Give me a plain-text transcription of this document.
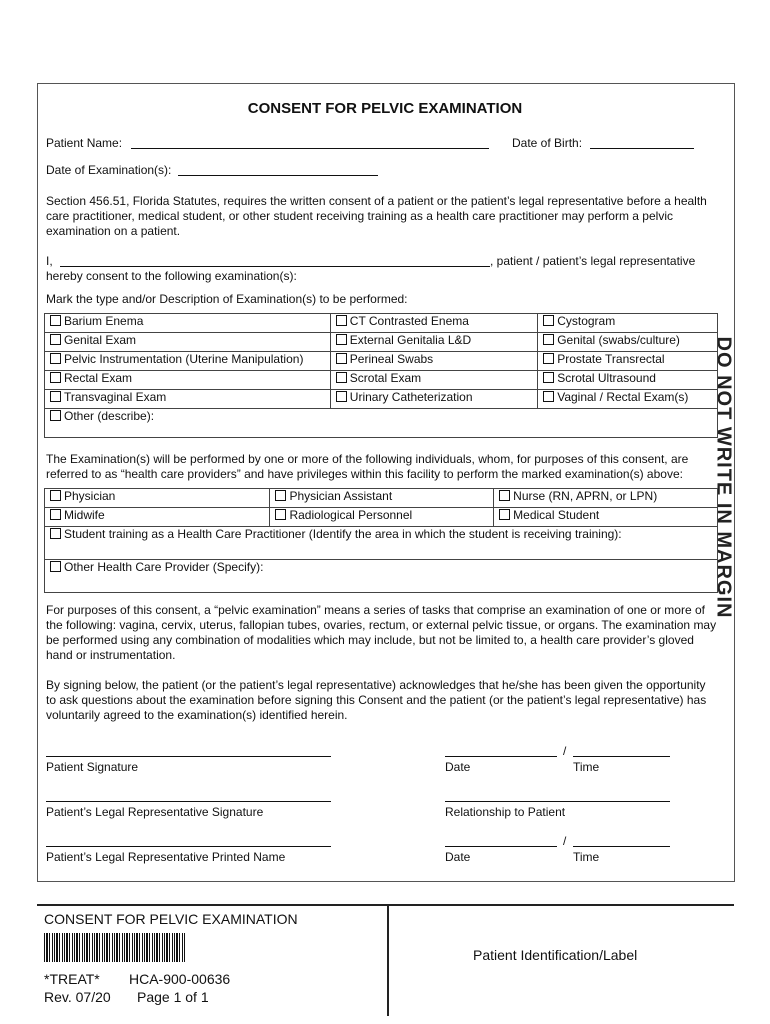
DO NOT WRITE IN MARGIN
CONSENT FOR PELVIC EXAMINATION
Patient Name:	Date of Birth:
Date of Examination(s):
Section 456.51, Florida Statutes, requires the written consent of a patient or the patient’s legal representative before a health care practitioner, medical student, or other student receiving training as a health care practitioner may perform a pelvic examination on a patient.
I,	, patient / patient’s legal representative
hereby consent to the following examination(s):
Mark the type and/or Description of Examination(s) to be performed:
Barium Enema	CT Contrasted Enema	Cystogram
Genital Exam	External Genitalia L&D	Genital (swabs/culture)
Pelvic Instrumentation (Uterine Manipulation)	Perineal Swabs	Prostate Transrectal
Rectal Exam	Scrotal Exam	Scrotal Ultrasound
Transvaginal Exam	Urinary Catheterization	Vaginal / Rectal Exam(s)
Other (describe):		
The Examination(s) will be performed by one or more of the following individuals, whom, for purposes of this consent, are referred to as “health care providers” and have privileges within this facility to perform the marked examination(s) above:
Physician	Physician Assistant	Nurse (RN, APRN, or LPN)
Midwife	Radiological Personnel	Medical Student
Student training as a Health Care Practitioner (Identify the area in which the student is receiving training):		
Other Health Care Provider (Specify):		
For purposes of this consent, a “pelvic examination” means a series of tasks that comprise an examination of one or more of the following: vagina, cervix, uterus, fallopian tubes, ovaries, rectum, or external pelvic tissue, or organs. The examination may be performed using any combination of modalities which may include, but not be limited to, a health care provider’s gloved hand or instrumentation.
By signing below, the patient (or the patient’s legal representative) acknowledges that he/she has been given the opportunity to ask questions about the examination before signing this Consent and the patient (or the patient’s legal representative) has voluntarily agreed to the examination(s) identified herein.
Patient Signature
/
Date	Time
Patient’s Legal Representative Signature	Relationship to Patient
Patient’s Legal Representative Printed Name
/
Date	Time
CONSENT FOR PELVIC EXAMINATION
*TREAT* HCA-900-00636
Rev. 07/20 Page 1 of 1
Patient Identification/Label
